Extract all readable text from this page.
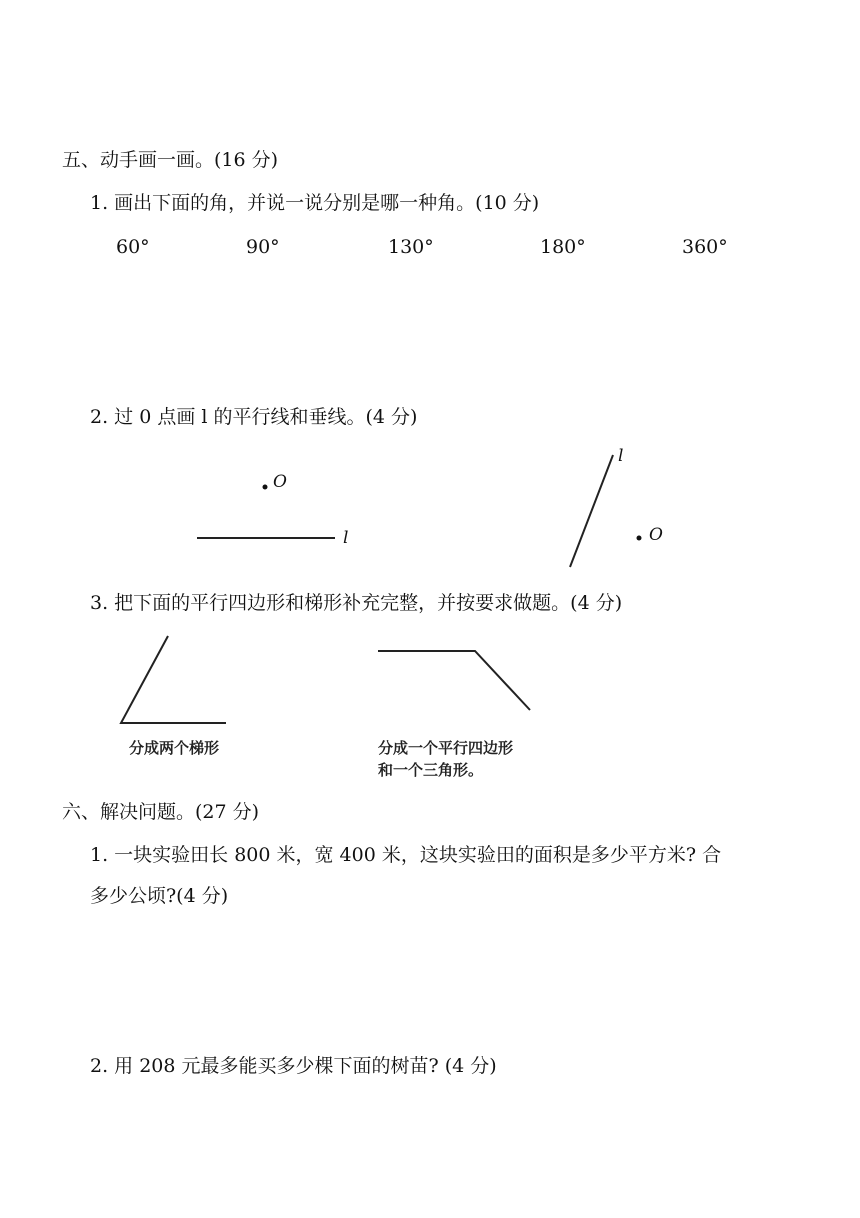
五、动手画一画。(16 分)
1. 画出下面的角，并说一说分别是哪一种角。(10 分)
60°	90°	130°	180°	360°
2. 过 0 点画 l 的平行线和垂线。(4 分)
O
l
l
O
3. 把下面的平行四边形和梯形补充完整，并按要求做题。(4 分)
分成两个梯形	分成一个平行四边形
和一个三角形。
六、解决问题。(27 分)
1. 一块实验田长 800 米，宽 400 米，这块实验田的面积是多少平方米? 合
多少公顷?(4 分)
2. 用 208 元最多能买多少棵下面的树苗? (4 分)
